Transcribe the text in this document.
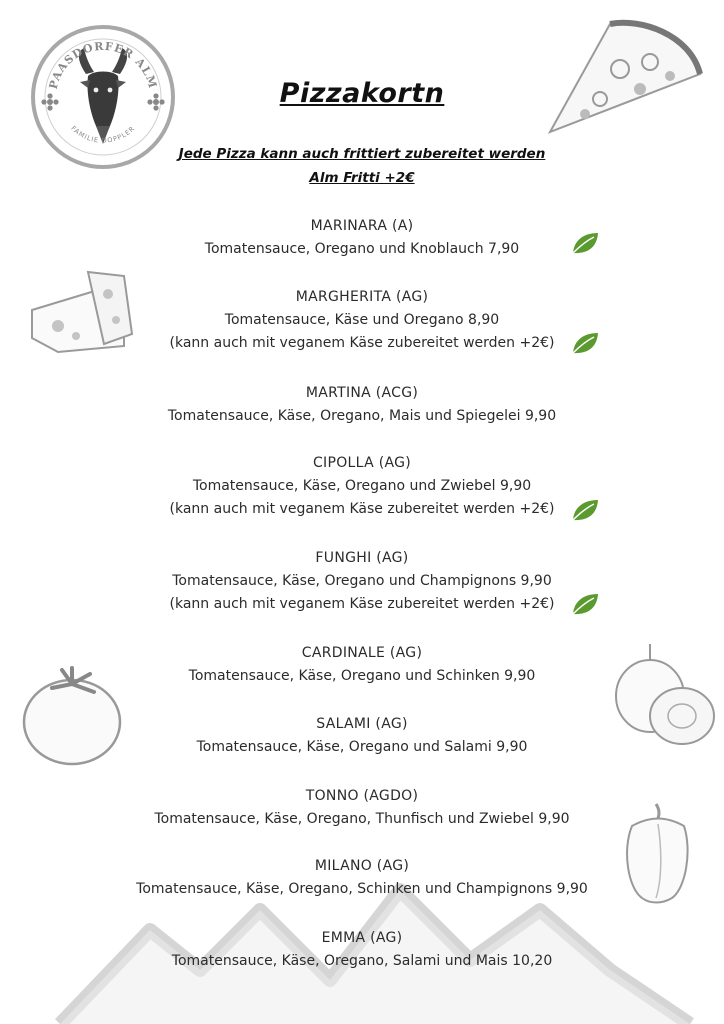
PAASDORFER ALM
FAMILIE DOPPLER
Pizzakortn
Jede Pizza kann auch frittiert zubereitet werden
Alm Fritti +2€
MARINARA (A)
Tomatensauce, Oregano und Knoblauch 7,90
MARGHERITA (AG)
Tomatensauce, Käse und Oregano 8,90
(kann auch mit veganem Käse zubereitet werden +2€)
MARTINA (ACG)
Tomatensauce, Käse, Oregano, Mais und Spiegelei 9,90
CIPOLLA (AG)
Tomatensauce, Käse, Oregano und Zwiebel 9,90
(kann auch mit veganem Käse zubereitet werden +2€)
FUNGHI (AG)
Tomatensauce, Käse, Oregano und Champignons 9,90
(kann auch mit veganem Käse zubereitet werden +2€)
CARDINALE (AG)
Tomatensauce, Käse, Oregano und Schinken 9,90
SALAMI (AG)
Tomatensauce, Käse, Oregano und Salami 9,90
TONNO (AGDO)
Tomatensauce, Käse, Oregano, Thunfisch und Zwiebel 9,90
MILANO (AG)
Tomatensauce, Käse, Oregano, Schinken und Champignons 9,90
EMMA (AG)
Tomatensauce, Käse, Oregano, Salami und Mais 10,20
